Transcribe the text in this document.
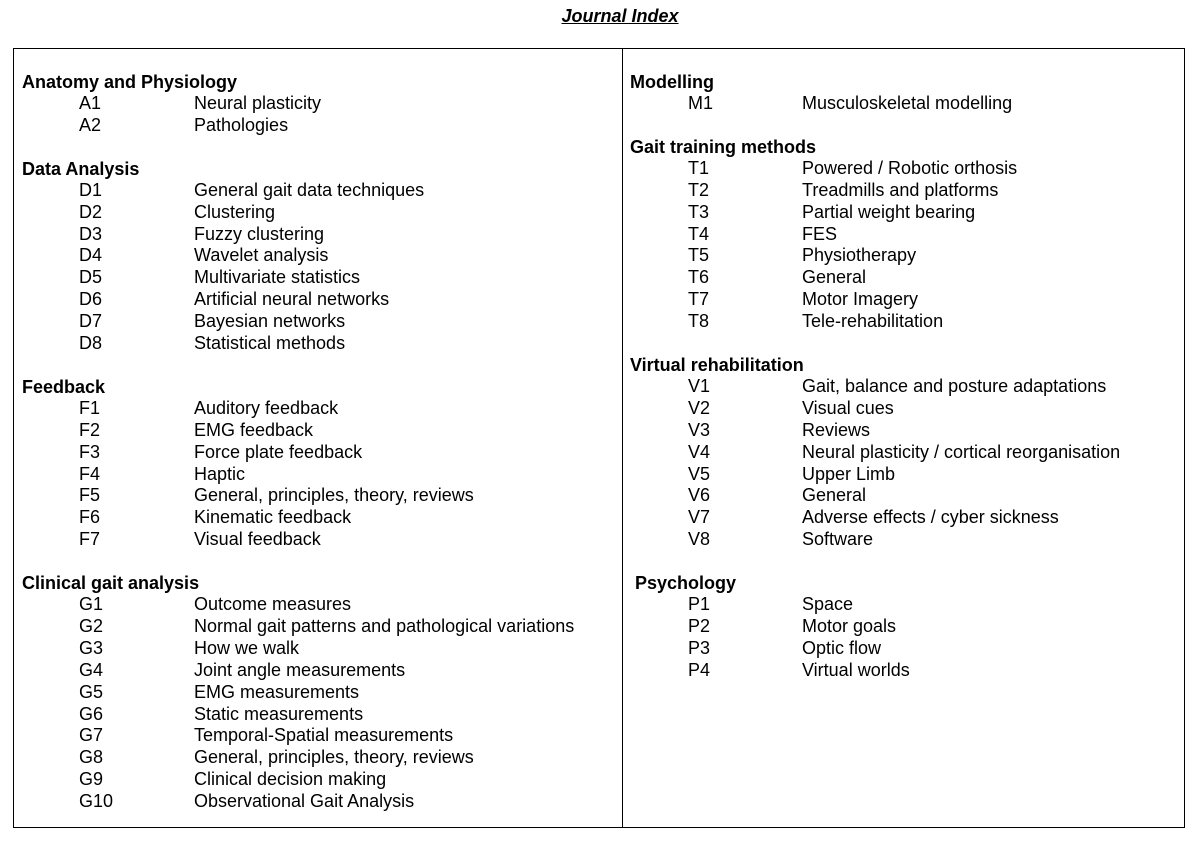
Journal Index
Anatomy and Physiology
A1	Neural plasticity
A2	Pathologies
Data Analysis
D1	General gait data techniques
D2	Clustering
D3	Fuzzy clustering
D4	Wavelet analysis
D5	Multivariate statistics
D6	Artificial neural networks
D7	Bayesian networks
D8	Statistical methods
Feedback
F1	Auditory feedback
F2	EMG feedback
F3	Force plate feedback
F4	Haptic
F5	General, principles, theory, reviews
F6	Kinematic feedback
F7	Visual feedback
Clinical gait analysis
G1	Outcome measures
G2	Normal gait patterns and pathological variations
G3	How we walk
G4	Joint angle measurements
G5	EMG measurements
G6	Static measurements
G7	Temporal-Spatial measurements
G8	General, principles, theory, reviews
G9	Clinical decision making
G10	Observational Gait Analysis
Modelling
M1	Musculoskeletal modelling
Gait training methods
T1	Powered / Robotic orthosis
T2	Treadmills and platforms
T3	Partial weight bearing
T4	FES
T5	Physiotherapy
T6	General
T7	Motor Imagery
T8	Tele-rehabilitation
Virtual rehabilitation
V1	Gait, balance and posture adaptations
V2	Visual cues
V3	Reviews
V4	Neural plasticity / cortical reorganisation
V5	Upper Limb
V6	General
V7	Adverse effects / cyber sickness
V8	Software
Psychology
P1	Space
P2	Motor goals
P3	Optic flow
P4	Virtual worlds
